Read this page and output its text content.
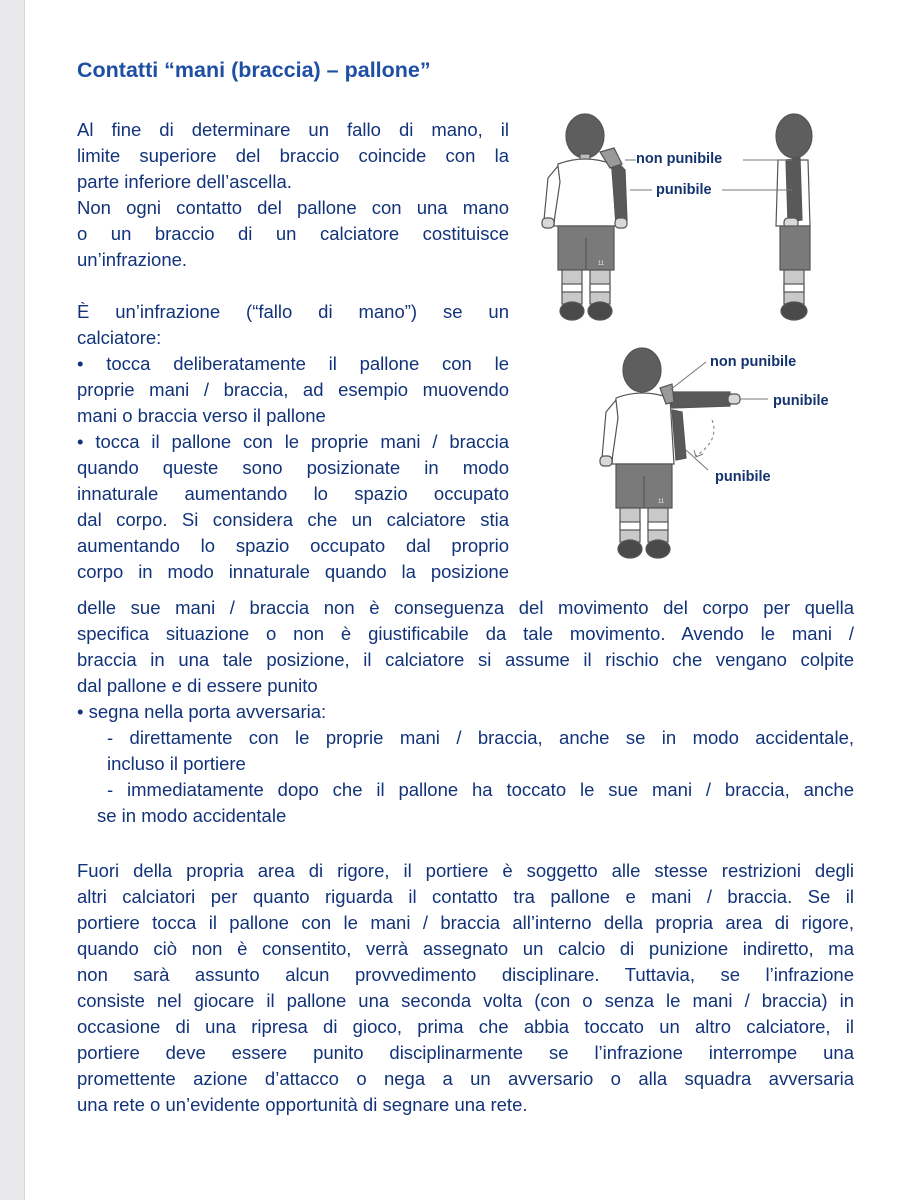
Contatti “mani (braccia) – pallone”

Al fine di determinare un fallo di mano, il

limite superiore del braccio coincide con la

parte inferiore dell’ascella.

Non ogni contatto del pallone con una mano

o un braccio di un calciatore costituisce

un’infrazione.

È un’infrazione (“fallo di mano”) se un

calciatore:

• tocca deliberatamente il pallone con le

proprie mani / braccia, ad esempio muovendo

mani o braccia verso il pallone

• tocca il pallone con le proprie mani / braccia

quando queste sono posizionate in modo

innaturale aumentando lo spazio occupato

dal corpo. Si considera che un calciatore stia

aumentando lo spazio occupato dal proprio

corpo in modo innaturale quando la posizione

delle sue mani / braccia non è conseguenza del movimento del corpo per quella

specifica situazione o non è giustificabile da tale movimento. Avendo le mani /

braccia in una tale posizione, il calciatore si assume il rischio che vengano colpite

dal pallone e di essere punito

• segna nella porta avversaria:

- direttamente con le proprie mani / braccia, anche se in modo accidentale,

incluso il portiere

- immediatamente dopo che il pallone ha toccato le sue mani / braccia, anche

se in modo accidentale

Fuori della propria area di rigore, il portiere è soggetto alle stesse restrizioni degli

altri calciatori per quanto riguarda il contatto tra pallone e mani / braccia. Se il

portiere tocca il pallone con le mani / braccia all’interno della propria area di rigore,

quando ciò non è consentito, verrà assegnato un calcio di punizione indiretto, ma

non sarà assunto alcun provvedimento disciplinare. Tuttavia, se l’infrazione

consiste nel giocare il pallone una seconda volta (con o senza le mani / braccia) in

occasione di una ripresa di gioco, prima che abbia toccato un altro calciatore, il

portiere deve essere punito disciplinarmente se l’infrazione interrompe una

promettente azione d’attacco o nega a un avversario o alla squadra avversaria

una rete o un’evidente opportunità di segnare una rete.

11
non punibile
punibile
11
non punibile
punibile
punibile
